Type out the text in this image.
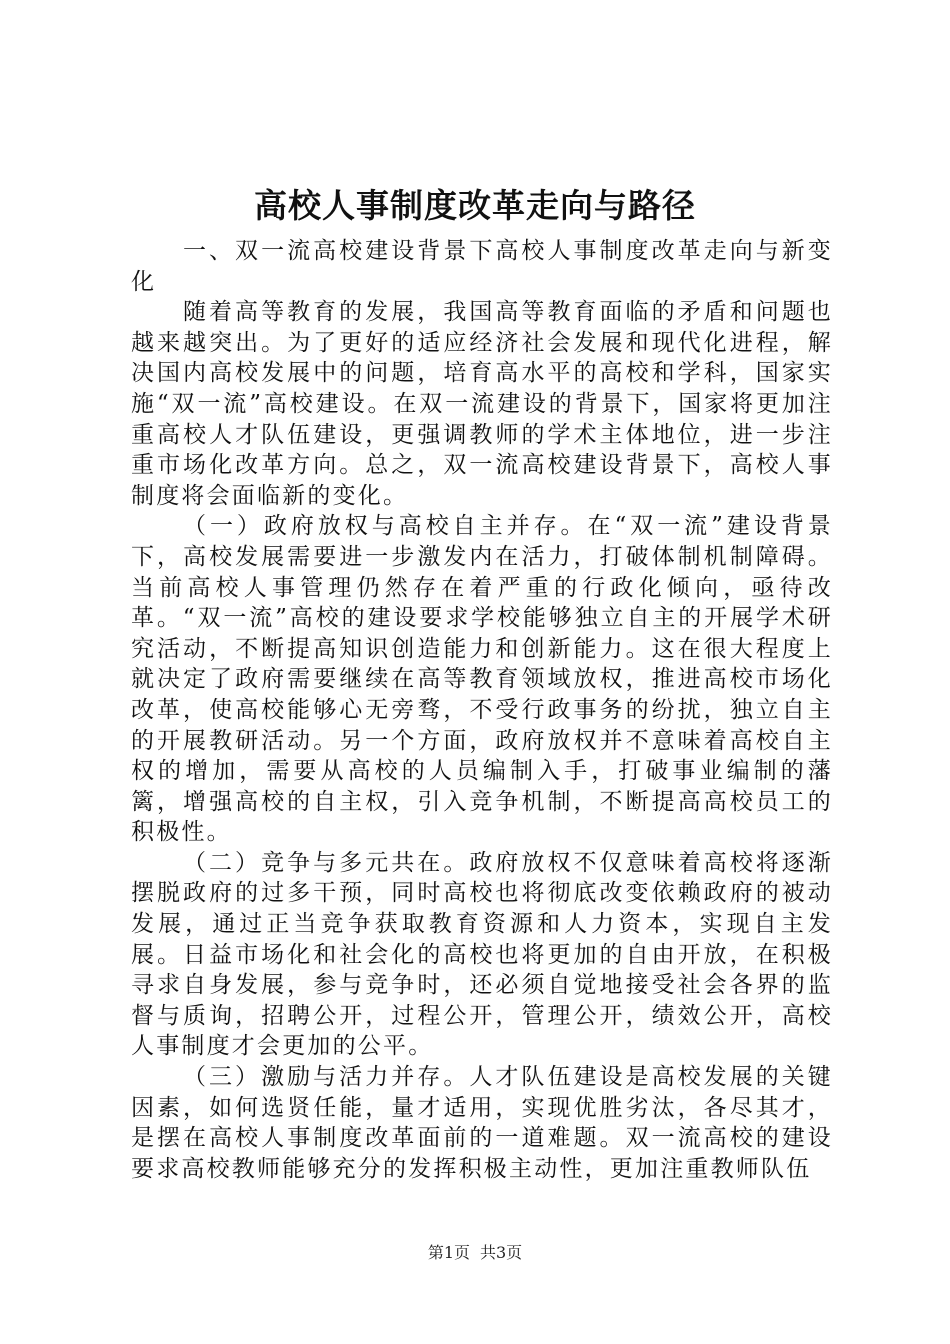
高校人事制度改革走向与路径

一、双一流高校建设背景下高校人事制度改革走向与新变化

随着高等教育的发展，我国高等教育面临的矛盾和问题也越来越突出。为了更好的适应经济社会发展和现代化进程，解决国内高校发展中的问题，培育高水平的高校和学科，国家实施“双一流”高校建设。在双一流建设的背景下，国家将更加注重高校人才队伍建设，更强调教师的学术主体地位，进一步注重市场化改革方向。总之，双一流高校建设背景下，高校人事制度将会面临新的变化。

（一）政府放权与高校自主并存。在“双一流”建设背景下，高校发展需要进一步激发内在活力，打破体制机制障碍。当前高校人事管理仍然存在着严重的行政化倾向，亟待改革。“双一流”高校的建设要求学校能够独立自主的开展学术研究活动，不断提高知识创造能力和创新能力。这在很大程度上就决定了政府需要继续在高等教育领域放权，推进高校市场化改革，使高校能够心无旁骛，不受行政事务的纷扰，独立自主的开展教研活动。另一个方面，政府放权并不意味着高校自主权的增加，需要从高校的人员编制入手，打破事业编制的藩篱，增强高校的自主权，引入竞争机制，不断提高高校员工的积极性。

（二）竞争与多元共在。政府放权不仅意味着高校将逐渐摆脱政府的过多干预，同时高校也将彻底改变依赖政府的被动发展，通过正当竞争获取教育资源和人力资本，实现自主发展。日益市场化和社会化的高校也将更加的自由开放，在积极寻求自身发展，参与竞争时，还必须自觉地接受社会各界的监督与质询，招聘公开，过程公开，管理公开，绩效公开，高校人事制度才会更加的公平。

（三）激励与活力并存。人才队伍建设是高校发展的关键因素，如何选贤任能，量才适用，实现优胜劣汰，各尽其才，是摆在高校人事制度改革面前的一道难题。双一流高校的建设要求高校教师能够充分的发挥积极主动性，更加注重教师队伍

第1页 共3页
